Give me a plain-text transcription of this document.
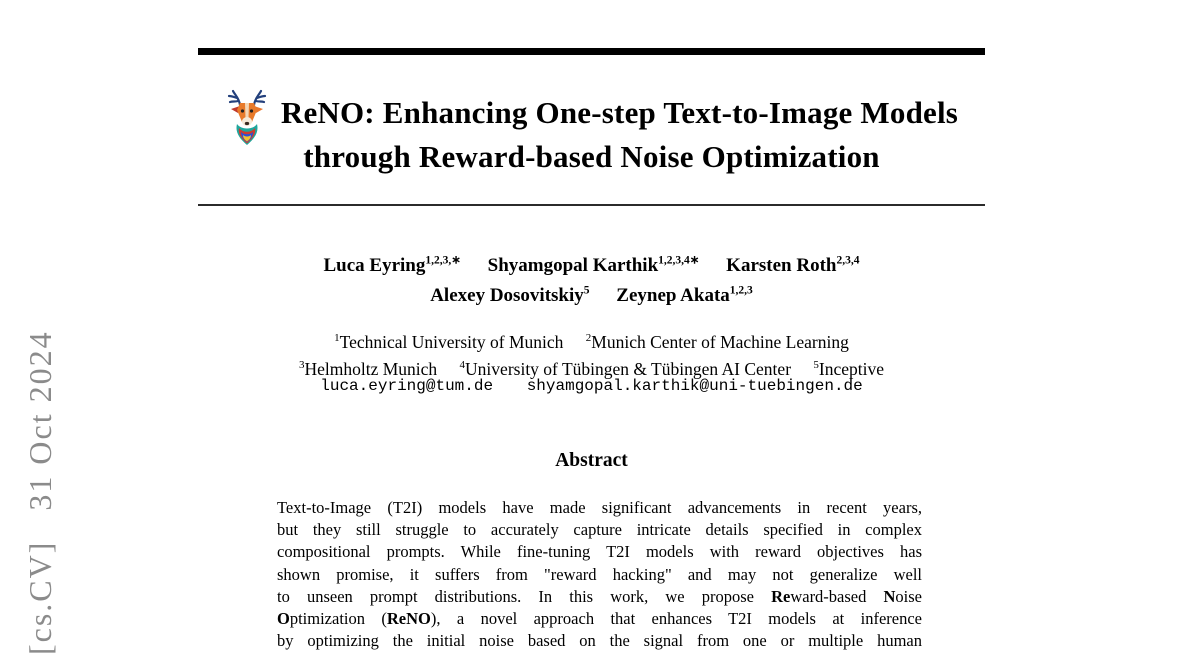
[cs.CV]   31 Oct 2024
ReNO: Enhancing One-step Text-to-Image Models
through Reward-based Noise Optimization
Luca Eyring$^{1,2,3,∗}$ Shyamgopal Karthik$^{1,2,3,4∗}$ Karsten Roth$^{2,3,4}$
Alexey Dosovitskiy$^5$ Zeynep Akata$^{1,2,3}$
$^1$Technical University of Munich $^2$Munich Center of Machine Learning
$^3$Helmholtz Munich $^4$University of Tübingen & Tübingen AI Center $^5$Inceptive
luca.eyring@tum.de shyamgopal.karthik@uni-tuebingen.de
Abstract
Text-to-Image (T2I) models have made significant advancements in recent years,
but they still struggle to accurately capture intricate details specified in complex
compositional prompts. While fine-tuning T2I models with reward objectives has
shown promise, it suffers from "reward hacking" and may not generalize well
to unseen prompt distributions. In this work, we propose Reward-based Noise
Optimization (ReNO), a novel approach that enhances T2I models at inference
by optimizing the initial noise based on the signal from one or multiple human
